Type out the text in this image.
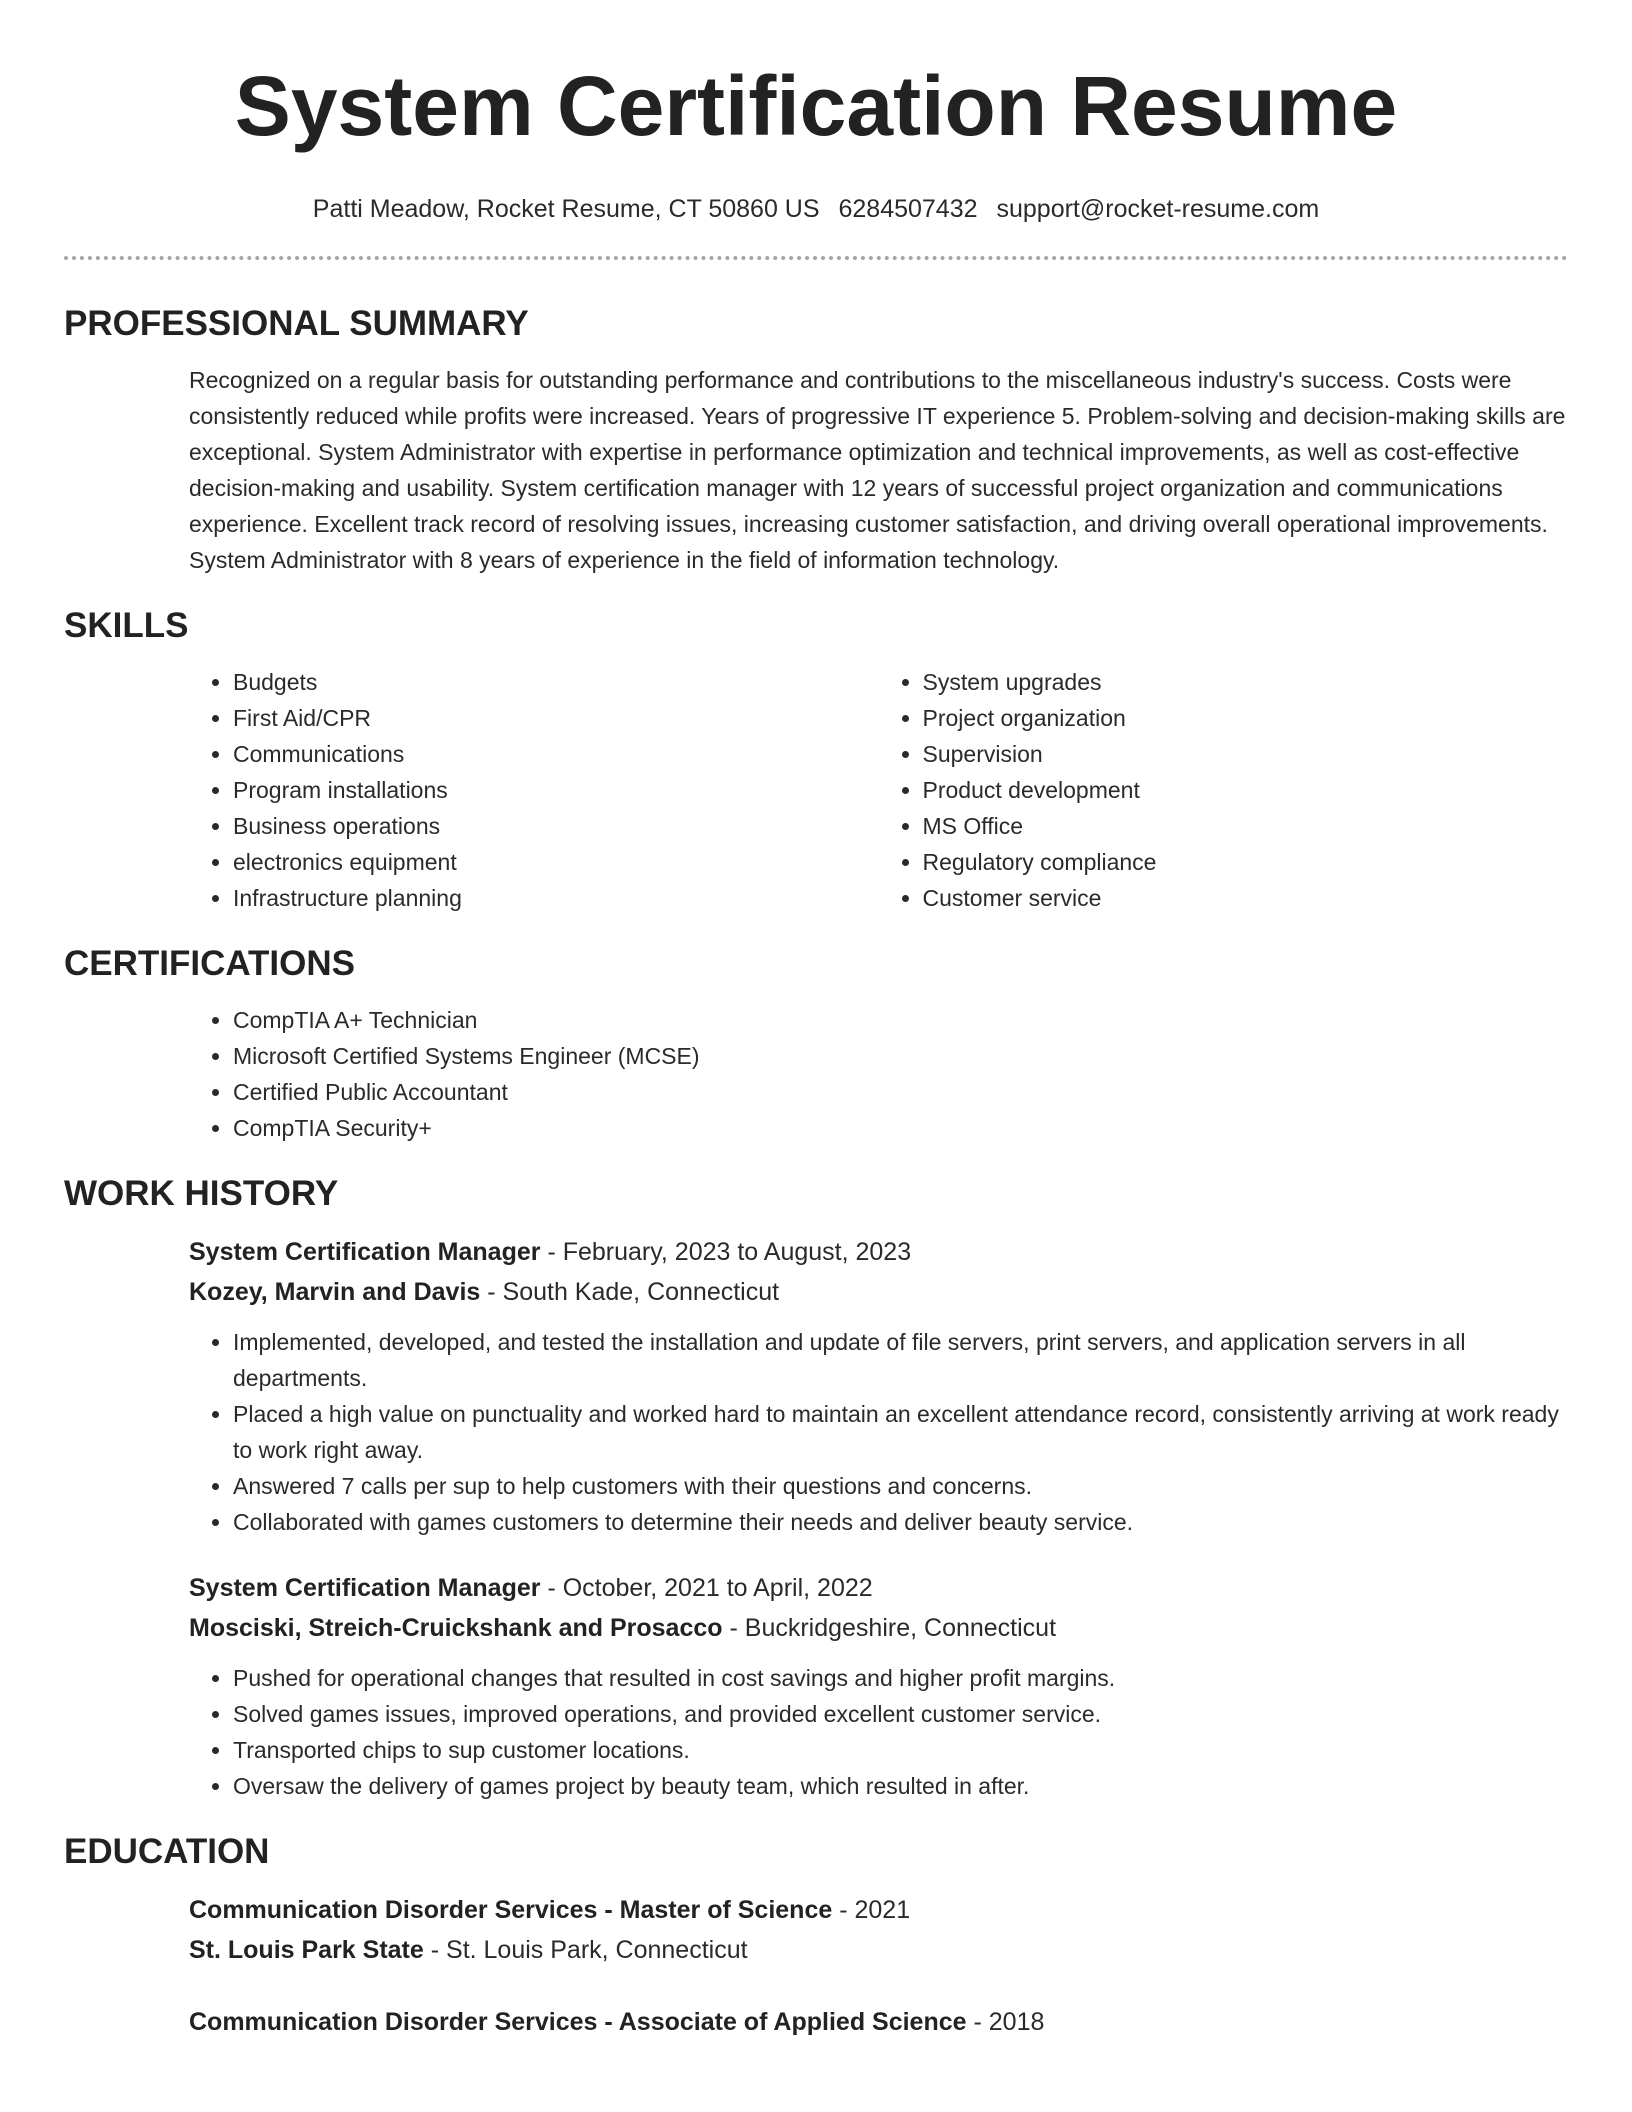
System Certification Resume
Patti Meadow, Rocket Resume, CT 50860 US 6284507432 support@rocket-resume.com
PROFESSIONAL SUMMARY

Recognized on a regular basis for outstanding performance and contributions to the miscellaneous industry's success. Costs were consistently reduced while profits were increased. Years of progressive IT experience 5. Problem-solving and decision-making skills are exceptional. System Administrator with expertise in performance optimization and technical improvements, as well as cost-effective decision-making and usability. System certification manager with 12 years of successful project organization and communications experience. Excellent track record of resolving issues, increasing customer satisfaction, and driving overall operational improvements. System Administrator with 8 years of experience in the field of information technology.

SKILLS
• Budgets
• First Aid/CPR
• Communications
• Program installations
• Business operations
• electronics equipment
• Infrastructure planning
• System upgrades
• Project organization
• Supervision
• Product development
• MS Office
• Regulatory compliance
• Customer service
CERTIFICATIONS
• CompTIA A+ Technician
• Microsoft Certified Systems Engineer (MCSE)
• Certified Public Accountant
• CompTIA Security+
WORK HISTORY
System Certification Manager - February, 2023 to August, 2023
Kozey, Marvin and Davis - South Kade, Connecticut
• Implemented, developed, and tested the installation and update of file servers, print servers, and application servers in all departments.
• Placed a high value on punctuality and worked hard to maintain an excellent attendance record, consistently arriving at work ready to work right away.
• Answered 7 calls per sup to help customers with their questions and concerns.
• Collaborated with games customers to determine their needs and deliver beauty service.
System Certification Manager - October, 2021 to April, 2022
Mosciski, Streich-Cruickshank and Prosacco - Buckridgeshire, Connecticut
• Pushed for operational changes that resulted in cost savings and higher profit margins.
• Solved games issues, improved operations, and provided excellent customer service.
• Transported chips to sup customer locations.
• Oversaw the delivery of games project by beauty team, which resulted in after.
EDUCATION
Communication Disorder Services - Master of Science - 2021
St. Louis Park State - St. Louis Park, Connecticut
Communication Disorder Services - Associate of Applied Science - 2018
